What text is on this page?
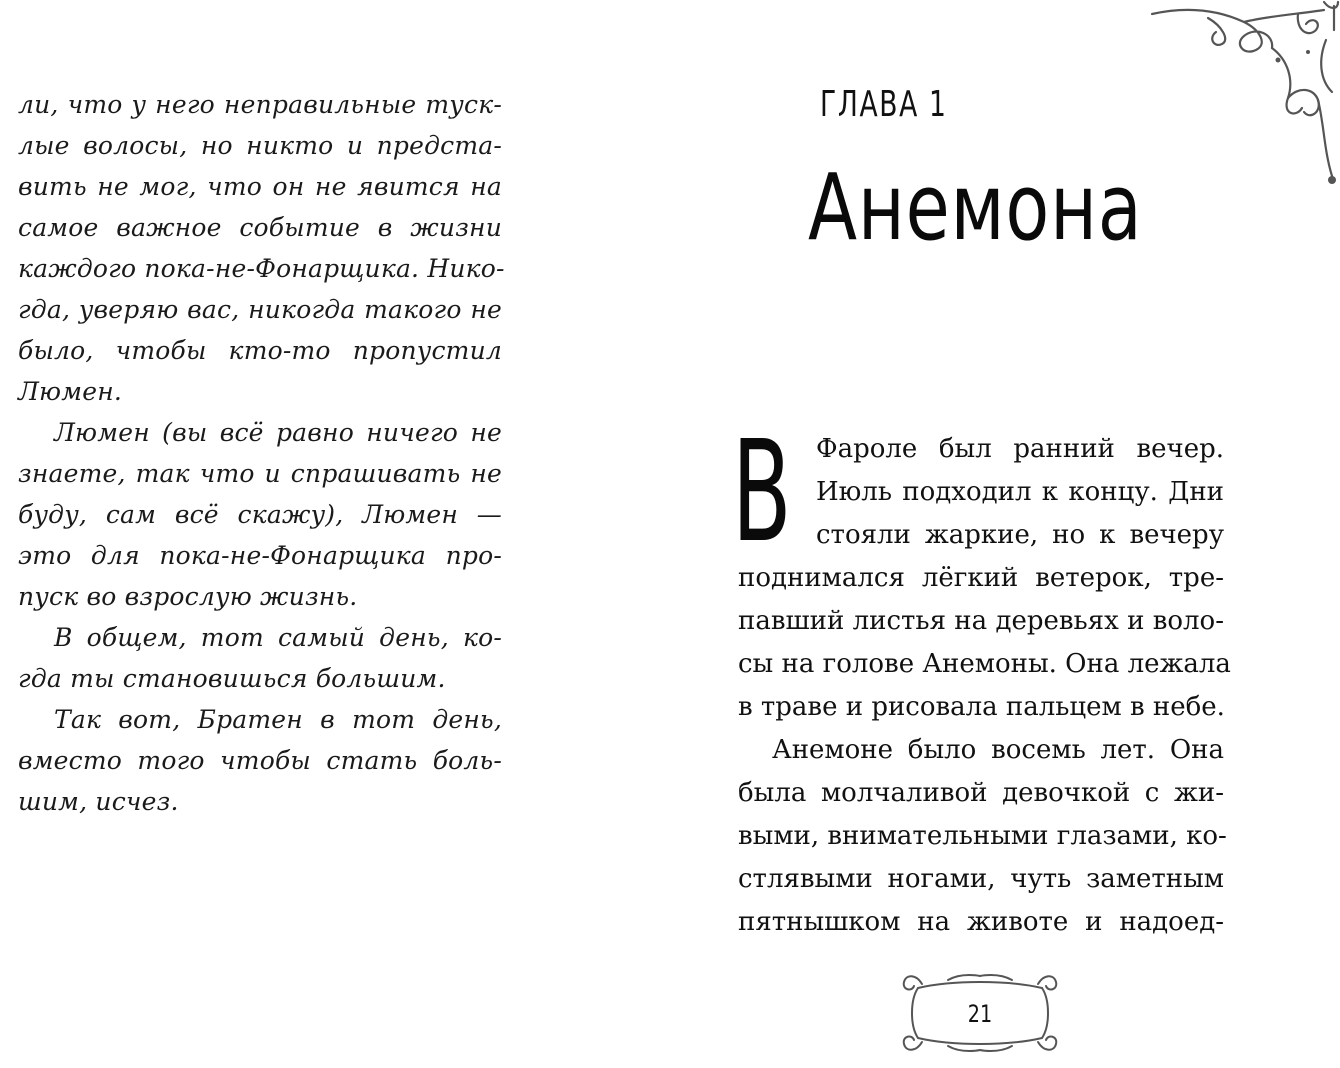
ли, что у него неправильные туск-
лые волосы, но никто и предста-
вить не мог, что он не явится на
самое важное событие в жизни
каждого пока-не-Фонарщика. Нико-
гда, уверяю вас, никогда такого не
было, чтобы кто-то пропустил
Люмен.

Люмен (вы всё равно ничего не
знаете, так что и спрашивать не
буду, сам всё скажу), Люмен —
это для пока-не-Фонарщика про-
пуск во взрослую жизнь.

В общем, тот самый день, ко-
гда ты становишься большим.

Так вот, Братен в тот день,
вместо того чтобы стать боль-
шим, исчез.

ГЛАВА 1
Анемона
В Фароле был ранний вечер.
Июль подходил к концу. Дни
стояли жаркие, но к вечеру
поднимался лёгкий ветерок, тре-
павший листья на деревьях и воло-
сы на голове Анемоны. Она лежала
в траве и рисовала пальцем в небе.
Анемоне было восемь лет. Она
была молчаливой девочкой с жи-
выми, внимательными глазами, ко-
стлявыми ногами, чуть заметным
пятнышком на животе и надоед-
21
